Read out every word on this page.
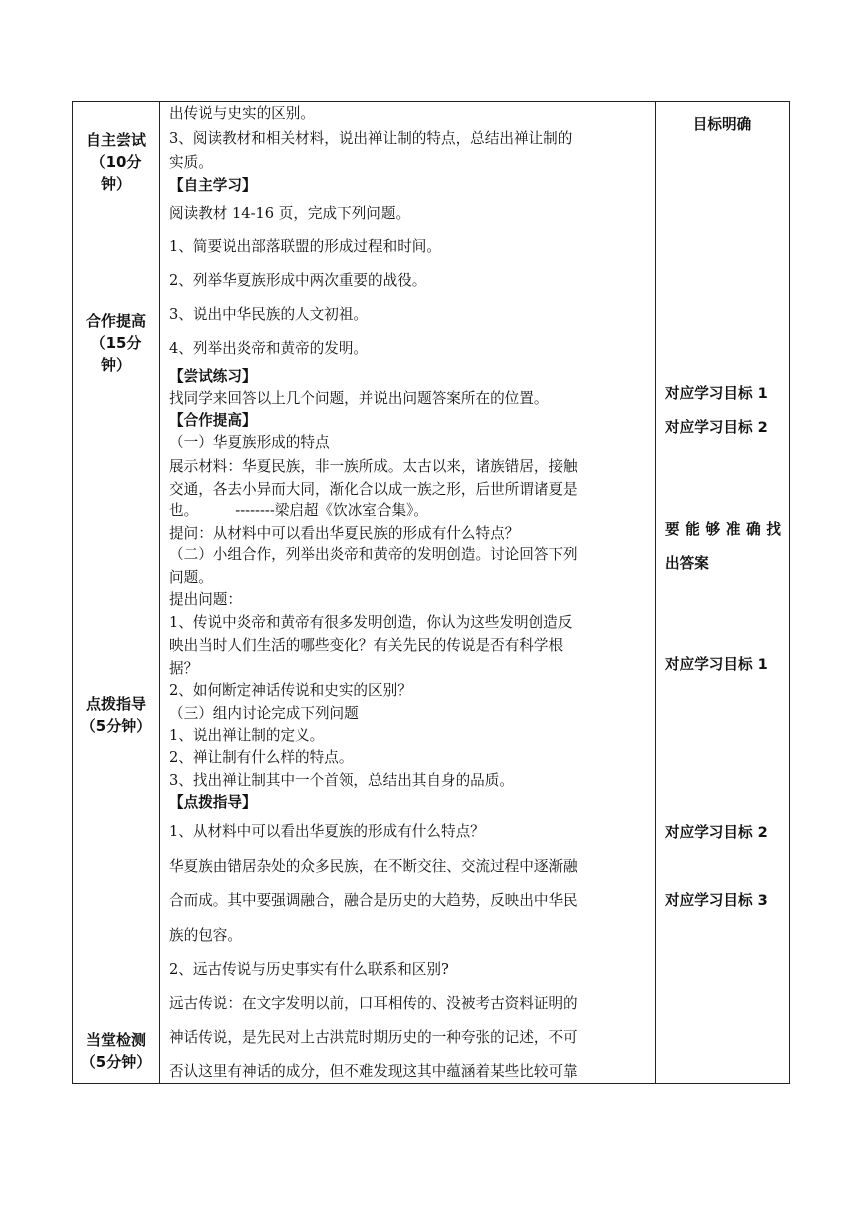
自主尝试
（10分
钟）
合作提高
（15分
钟）
点拨指导
（5分钟）
当堂检测
（5分钟）
出传说与史实的区别。
3、阅读教材和相关材料，说出禅让制的特点，总结出禅让制的
实质。
【自主学习】
阅读教材 14-16 页，完成下列问题。
1、简要说出部落联盟的形成过程和时间。
2、列举华夏族形成中两次重要的战役。
3、说出中华民族的人文初祖。
4、列举出炎帝和黄帝的发明。
【尝试练习】
找同学来回答以上几个问题，并说出问题答案所在的位置。
【合作提高】
（一）华夏族形成的特点
展示材料：华夏民族，非一族所成。太古以来，诸族错居，接触
交通，各去小异而大同，渐化合以成一族之形，后世所谓诸夏是
也。        --------梁启超《饮冰室合集》。
提问：从材料中可以看出华夏民族的形成有什么特点？
（二）小组合作，列举出炎帝和黄帝的发明创造。讨论回答下列
问题。
提出问题：
1、传说中炎帝和黄帝有很多发明创造，你认为这些发明创造反
映出当时人们生活的哪些变化？有关先民的传说是否有科学根
据？
2、如何断定神话传说和史实的区别？
（三）组内讨论完成下列问题
1、说出禅让制的定义。
2、禅让制有什么样的特点。
3、找出禅让制其中一个首领，总结出其自身的品质。
【点拨指导】
1、从材料中可以看出华夏族的形成有什么特点？
华夏族由错居杂处的众多民族，在不断交往、交流过程中逐渐融
合而成。其中要强调融合，融合是历史的大趋势，反映出中华民
族的包容。
2、远古传说与历史事实有什么联系和区别?
远古传说：在文字发明以前，口耳相传的、没被考古资料证明的
神话传说，是先民对上古洪荒时期历史的一种夸张的记述，不可
否认这里有神话的成分，但不难发现这其中蕴涵着某些比较可靠
目标明确
对应学习目标 1
对应学习目标 2
要能够准确找
出答案
对应学习目标 1
对应学习目标 2
对应学习目标 3
